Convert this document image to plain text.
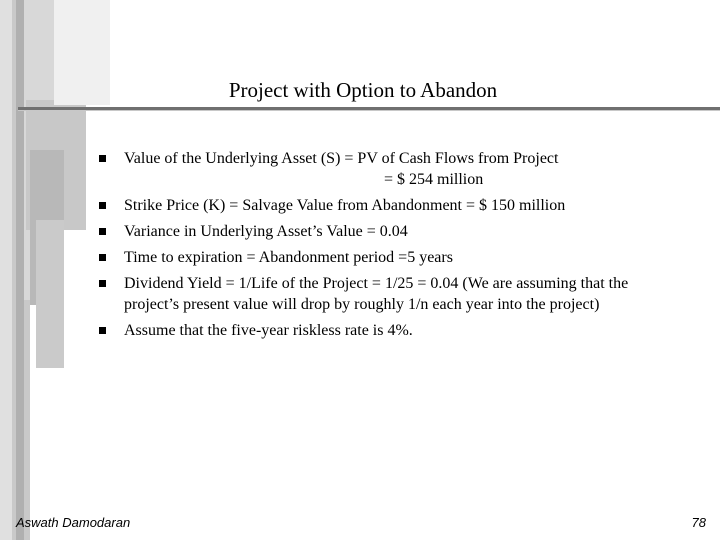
Project with Option to Abandon
Value of the Underlying Asset (S) = PV of Cash Flows from Project
= $ 254 million
Strike Price (K) = Salvage Value from Abandonment = $ 150 million
Variance in Underlying Asset’s Value = 0.04
Time to expiration = Abandonment period =5 years
Dividend Yield = 1/Life of the Project = 1/25 = 0.04 (We are assuming that the
project’s present value will drop by roughly 1/n each year into the project)
Assume that the five-year riskless rate is 4%.
Aswath Damodaran	78
